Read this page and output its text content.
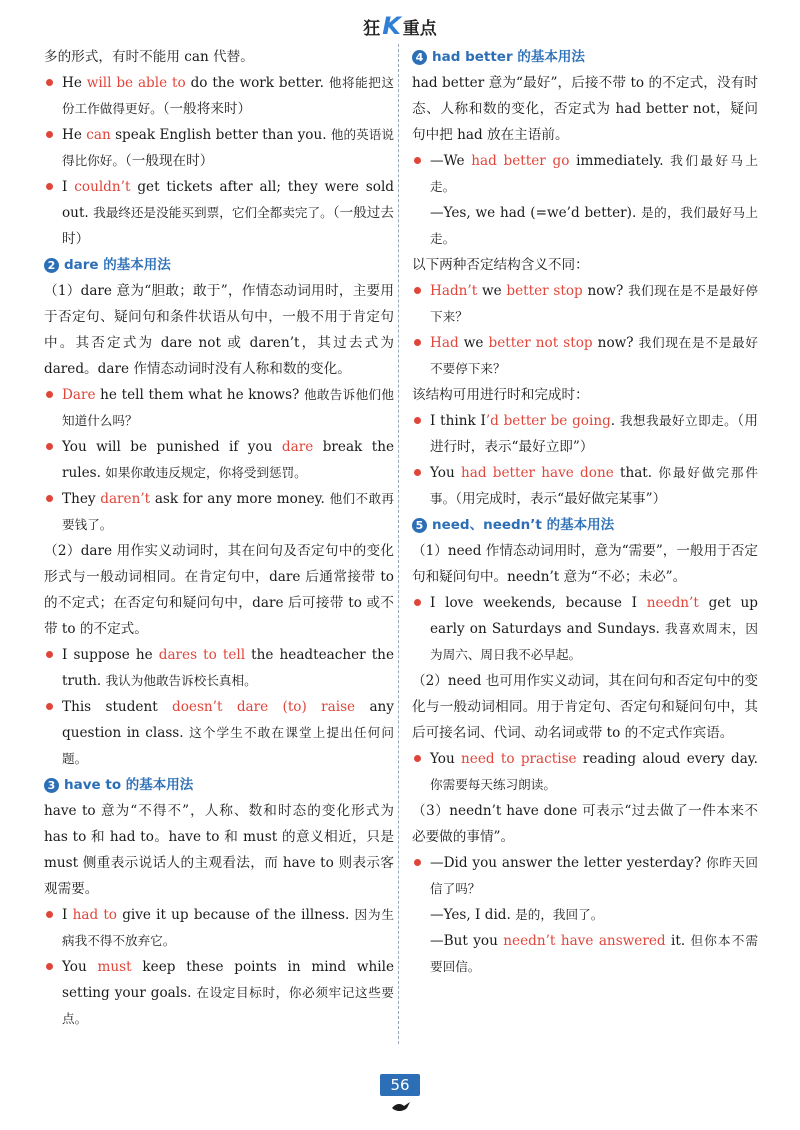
狂K 重点

多的形式，有时不能用 can 代替。

He will be able to do the work better. 他将能把这份工作做得更好。（一般将来时）

He can speak English better than you. 他的英语说得比你好。（一般现在时）

I couldn’t get tickets after all; they were sold out. 我最终还是没能买到票，它们全都卖完了。（一般过去时）

2 dare 的基本用法

（1）dare 意为“胆敢；敢于”，作情态动词用时，主要用于否定句、疑问句和条件状语从句中，一般不用于肯定句中。其否定式为 dare not 或 daren’t，其过去式为 dared。dare 作情态动词时没有人称和数的变化。

Dare he tell them what he knows? 他敢告诉他们他知道什么吗？

You will be punished if you dare break the rules. 如果你敢违反规定，你将受到惩罚。

They daren’t ask for any more money. 他们不敢再要钱了。

（2）dare 用作实义动词时，其在问句及否定句中的变化形式与一般动词相同。在肯定句中，dare 后通常接带 to 的不定式；在否定句和疑问句中，dare 后可接带 to 或不带 to 的不定式。

I suppose he dares to tell the headteacher the truth. 我认为他敢告诉校长真相。

This student doesn’t dare (to) raise any question in class. 这个学生不敢在课堂上提出任何问题。

3 have to 的基本用法

have to 意为“不得不”，人称、数和时态的变化形式为 has to 和 had to。have to 和 must 的意义相近，只是 must 侧重表示说话人的主观看法，而 have to 则表示客观需要。

I had to give it up because of the illness. 因为生病我不得不放弃它。

You must keep these points in mind while setting your goals. 在设定目标时，你必须牢记这些要点。

4 had better 的基本用法

had better 意为“最好”，后接不带 to 的不定式，没有时态、人称和数的变化，否定式为 had better not，疑问句中把 had 放在主语前。

—We had better go immediately. 我们最好马上走。

—Yes, we had (=we’d better). 是的，我们最好马上走。

以下两种否定结构含义不同：

Hadn’t we better stop now? 我们现在是不是最好停下来？

Had we better not stop now? 我们现在是不是最好不要停下来？

该结构可用进行时和完成时：

I think I’d better be going. 我想我最好立即走。（用进行时，表示“最好立即”）

You had better have done that. 你最好做完那件事。（用完成时，表示“最好做完某事”）

5 need、needn’t 的基本用法

（1）need 作情态动词用时，意为“需要”，一般用于否定句和疑问句中。needn’t 意为“不必；未必”。

I love weekends, because I needn’t get up early on Saturdays and Sundays. 我喜欢周末，因为周六、周日我不必早起。

（2）need 也可用作实义动词，其在问句和否定句中的变化与一般动词相同。用于肯定句、否定句和疑问句中，其后可接名词、代词、动名词或带 to 的不定式作宾语。

You need to practise reading aloud every day. 你需要每天练习朗读。

（3）needn’t have done 可表示“过去做了一件本来不必要做的事情”。

—Did you answer the letter yesterday? 你昨天回信了吗？

—Yes, I did. 是的，我回了。

—But you needn’t have answered it. 但你本不需要回信。

56
